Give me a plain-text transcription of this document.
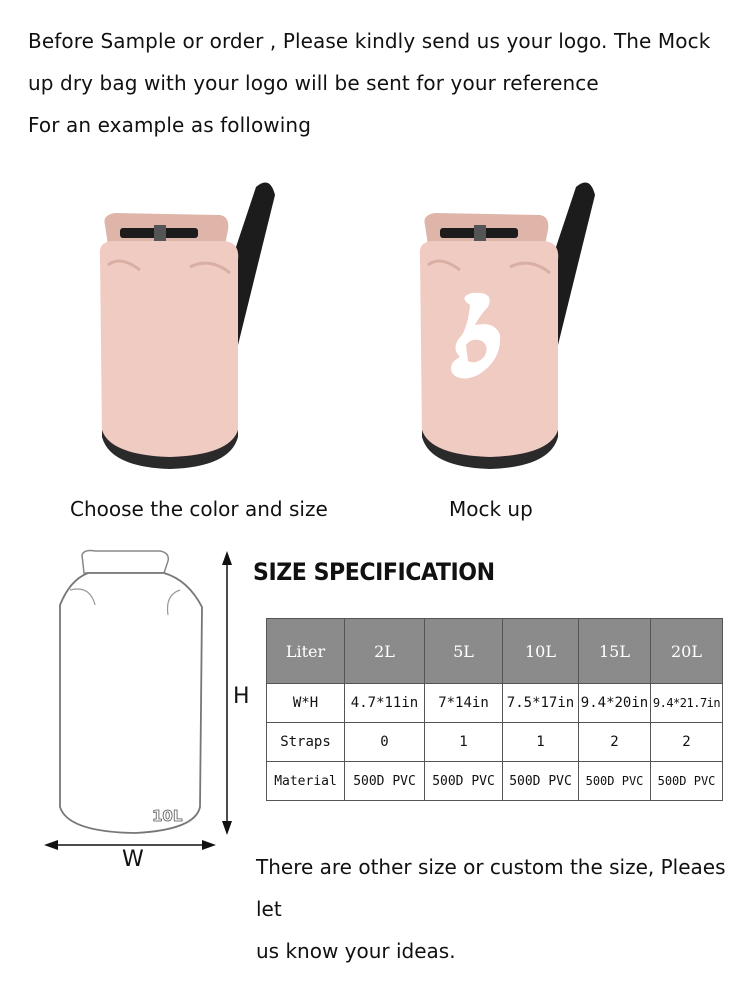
Before Sample or order , Please kindly send us your logo. The Mock

up dry bag with your logo will be sent for your reference

For an example as following

Choose the color and size	Mock up
10L
H
W
SIZE SPECIFICATION
Liter	2L	5L	10L	15L	20L
W*H	4.7*11in	7*14in	7.5*17in	9.4*20in	9.4*21.7in
Straps	0	1	1	2	2
Material	500D PVC	500D PVC	500D PVC	500D PVC	500D PVC

There are other size or custom the size, Pleaes let

us know your ideas.
